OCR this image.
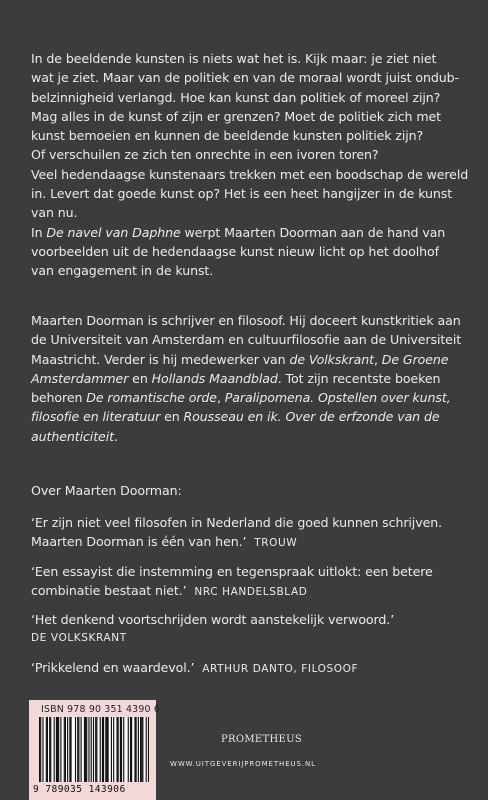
In de beeldende kunsten is niets wat het is. Kijk maar: je ziet niet
wat je ziet. Maar van de politiek en van de moraal wordt juist ondub-
belzinnigheid verlangd. Hoe kan kunst dan politiek of moreel zijn?
Mag alles in de kunst of zijn er grenzen? Moet de politiek zich met
kunst bemoeien en kunnen de beeldende kunsten politiek zijn?
Of verschuilen ze zich ten onrechte in een ivoren toren?
Veel hedendaagse kunstenaars trekken met een boodschap de wereld
in. Levert dat goede kunst op? Het is een heet hangijzer in de kunst
van nu.
In De navel van Daphne werpt Maarten Doorman aan de hand van
voorbeelden uit de hedendaagse kunst nieuw licht op het doolhof
van engagement in de kunst.

Maarten Doorman is schrijver en filosoof. Hij doceert kunstkritiek aan
de Universiteit van Amsterdam en cultuurfilosofie aan de Universiteit
Maastricht. Verder is hij medewerker van de Volkskrant, De Groene
Amsterdammer en Hollands Maandblad. Tot zijn recentste boeken
behoren De romantische orde, Paralipomena. Opstellen over kunst,
filosofie en literatuur en Rousseau en ik. Over de erfzonde van de
authenticiteit.

Over Maarten Doorman:

‘Er zijn niet veel filosofen in Nederland die goed kunnen schrijven.
Maarten Doorman is één van hen.’ TROUW

‘Een essayist die instemming en tegenspraak uitlokt: een betere
combinatie bestaat niet.’ NRC HANDELSBLAD

‘Het denkend voortschrijden wordt aanstekelijk verwoord.’
DE VOLKSKRANT

‘Prikkelend en waardevol.’ ARTHUR DANTO, FILOSOOF

ISBN 978 90 351 4390 6
9 789035 143906
PROMETHEUS
WWW.UITGEVERIJPROMETHEUS.NL
